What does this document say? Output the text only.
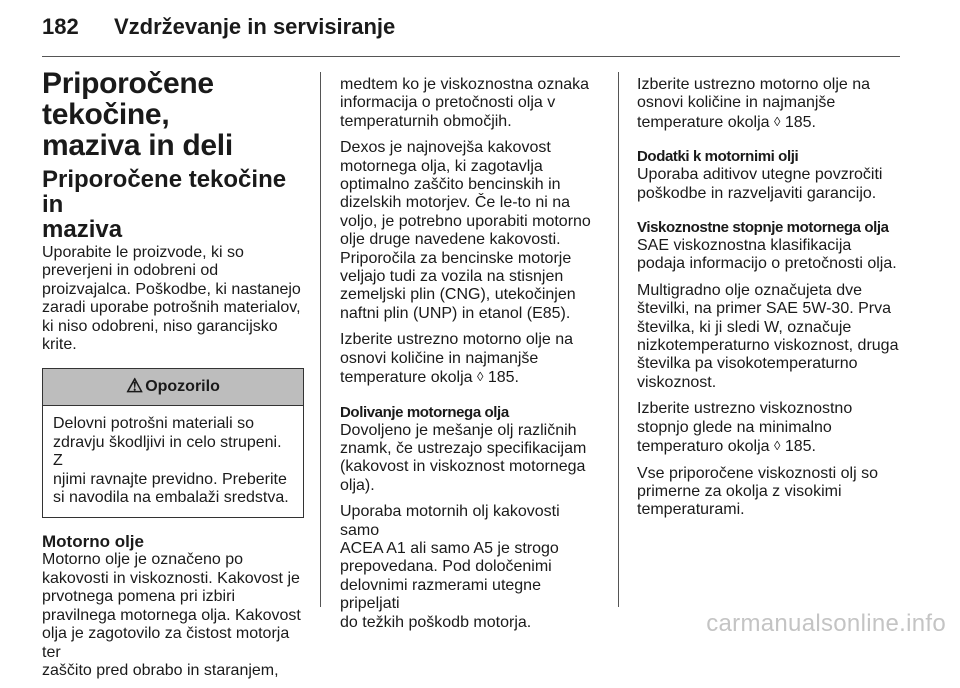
182 Vzdrževanje in servisiranje
Priporočene tekočine,
maziva in deli
Priporočene tekočine in
maziva

Uporabite le proizvode, ki so
preverjeni in odobreni od
proizvajalca. Poškodbe, ki nastanejo
zaradi uporabe potrošnih materialov,
ki niso odobreni, niso garancijsko
krite.

⚠ Opozorilo
Delovni potrošni materiali so
zdravju škodljivi in celo strupeni. Z
njimi ravnajte previdno. Preberite
si navodila na embalaži sredstva.
Motorno olje

Motorno olje je označeno po
kakovosti in viskoznosti. Kakovost je
prvotnega pomena pri izbiri
pravilnega motornega olja. Kakovost
olja je zagotovilo za čistost motorja ter
zaščito pred obrabo in staranjem,

medtem ko je viskoznostna oznaka
informacija o pretočnosti olja v
temperaturnih območjih.

Dexos je najnovejša kakovost
motornega olja, ki zagotavlja
optimalno zaščito bencinskih in
dizelskih motorjev. Če le-to ni na
voljo, je potrebno uporabiti motorno
olje druge navedene kakovosti.
Priporočila za bencinske motorje
veljajo tudi za vozila na stisnjen
zemeljski plin (CNG), utekočinjen
naftni plin (UNP) in etanol (E85).

Izberite ustrezno motorno olje na
osnovi količine in najmanjše
temperature okolja ◊ 185.

Dolivanje motornega olja

Dovoljeno je mešanje olj različnih
znamk, če ustrezajo specifikacijam
(kakovost in viskoznost motornega
olja).

Uporaba motornih olj kakovosti samo
ACEA A1 ali samo A5 je strogo
prepovedana. Pod določenimi
delovnimi razmerami utegne pripeljati
do težkih poškodb motorja.

Izberite ustrezno motorno olje na
osnovi količine in najmanjše
temperature okolja ◊ 185.

Dodatki k motornimi olji

Uporaba aditivov utegne povzročiti
poškodbe in razveljaviti garancijo.

Viskoznostne stopnje motornega olja

SAE viskoznostna klasifikacija
podaja informacijo o pretočnosti olja.

Multigradno olje označujeta dve
številki, na primer SAE 5W-30. Prva
številka, ki ji sledi W, označuje
nizkotemperaturno viskoznost, druga
številka pa visokotemperaturno
viskoznost.

Izberite ustrezno viskoznostno
stopnjo glede na minimalno
temperaturo okolja ◊ 185.

Vse priporočene viskoznosti olj so
primerne za okolja z visokimi
temperaturami.

carmanualsonline.info
